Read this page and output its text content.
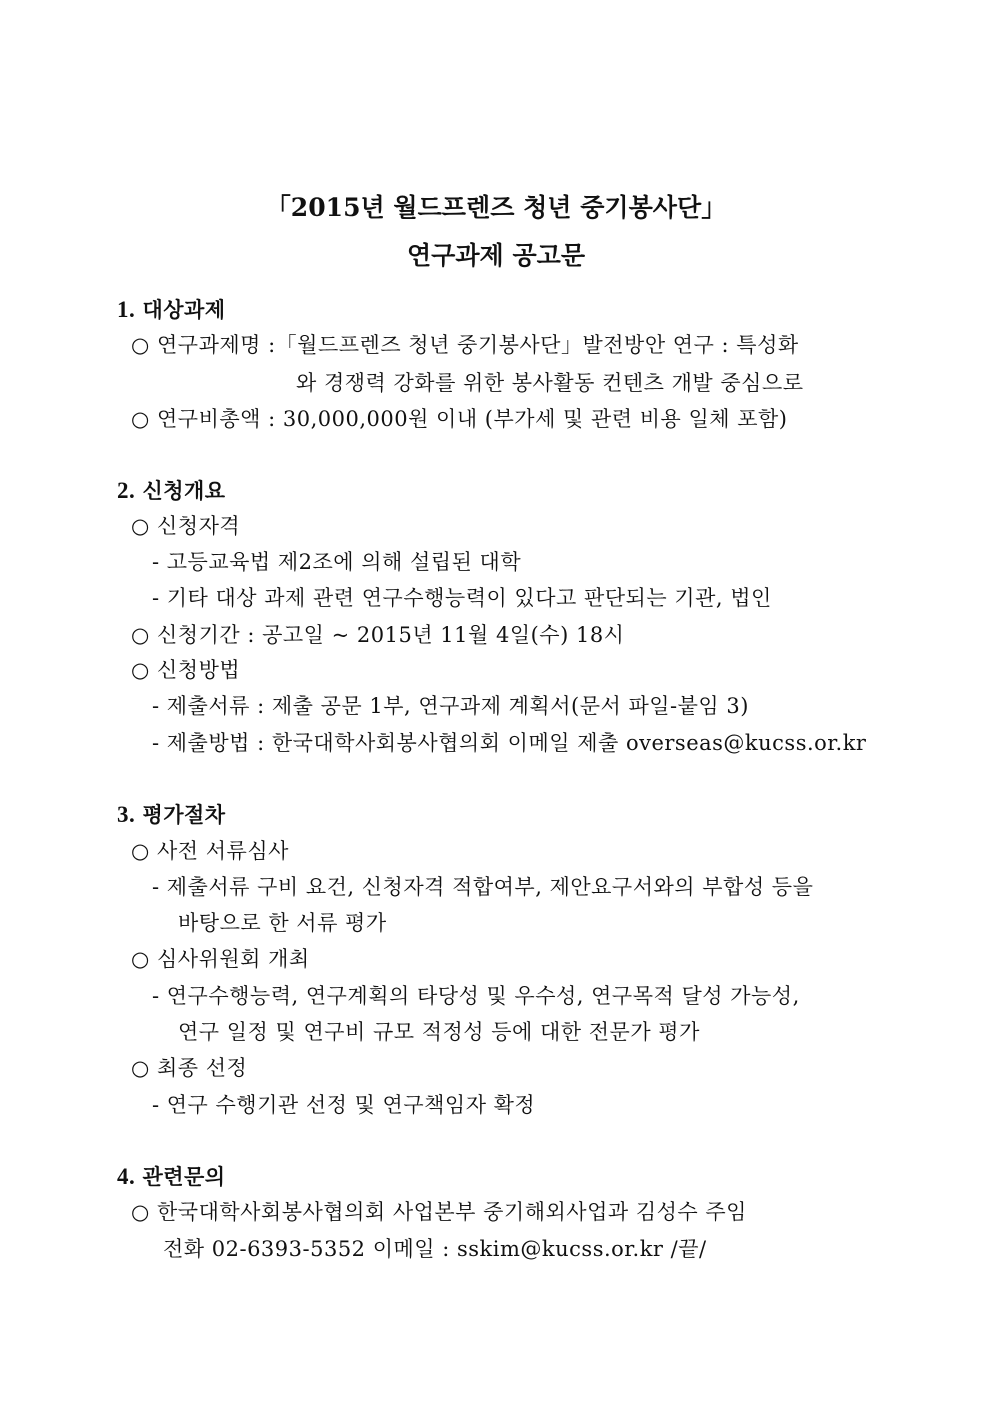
「2015년 월드프렌즈 청년 중기봉사단」
연구과제 공고문
1. 대상과제
○ 연구과제명 :「월드프렌즈 청년 중기봉사단」발전방안 연구 : 특성화
와 경쟁력 강화를 위한 봉사활동 컨텐츠 개발 중심으로
○ 연구비총액 : 30,000,000원 이내 (부가세 및 관련 비용 일체 포함)
2. 신청개요
○ 신청자격
- 고등교육법 제2조에 의해 설립된 대학
- 기타 대상 과제 관련 연구수행능력이 있다고 판단되는 기관, 법인
○ 신청기간 : 공고일 ~ 2015년 11월 4일(수) 18시
○ 신청방법
- 제출서류 : 제출 공문 1부, 연구과제 계획서(문서 파일-붙임 3)
- 제출방법 : 한국대학사회봉사협의회 이메일 제출 overseas@kucss.or.kr
3. 평가절차
○ 사전 서류심사
- 제출서류 구비 요건, 신청자격 적합여부, 제안요구서와의 부합성 등을
바탕으로 한 서류 평가
○ 심사위원회 개최
- 연구수행능력, 연구계획의 타당성 및 우수성, 연구목적 달성 가능성,
연구 일정 및 연구비 규모 적정성 등에 대한 전문가 평가
○ 최종 선정
- 연구 수행기관 선정 및 연구책임자 확정
4. 관련문의
○ 한국대학사회봉사협의회 사업본부 중기해외사업과 김성수 주임
전화 02-6393-5352 이메일 : sskim@kucss.or.kr /끝/
